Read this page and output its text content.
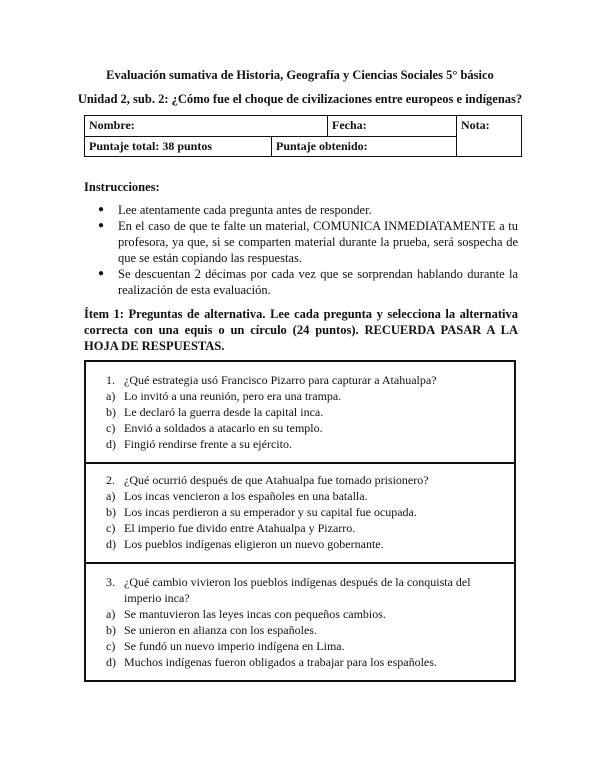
Evaluación sumativa de Historia, Geografía y Ciencias Sociales 5° básico

Unidad 2, sub. 2: ¿Cómo fue el choque de civilizaciones entre europeos e indígenas?

Nombre:		Fecha:	Nota:
Puntaje total: 38 puntos	Puntaje obtenido:		

Instrucciones:

● Lee atentamente cada pregunta antes de responder.
● En el caso de que te falte un material, COMUNICA INMEDIATAMENTE a tu profesora, ya que, si se comparten material durante la prueba, será sospecha de que se están copiando las respuestas.
● Se descuentan 2 décimas por cada vez que se sorprendan hablando durante la realización de esta evaluación.

Ítem 1: Preguntas de alternativa. Lee cada pregunta y selecciona la alternativa correcta con una equis o un círculo (24 puntos). RECUERDA PASAR A LA HOJA DE RESPUESTAS.

1. ¿Qué estrategia usó Francisco Pizarro para capturar a Atahualpa?
a) Lo invitó a una reunión, pero era una trampa.
b) Le declaró la guerra desde la capital inca.
c) Envió a soldados a atacarlo en su templo.
d) Fingió rendirse frente a su ejército.
2. ¿Qué ocurrió después de que Atahualpa fue tomado prisionero?
a) Los incas vencieron a los españoles en una batalla.
b) Los incas perdieron a su emperador y su capital fue ocupada.
c) El imperio fue divido entre Atahualpa y Pizarro.
d) Los pueblos indígenas eligieron un nuevo gobernante.
3. ¿Qué cambio vivieron los pueblos indígenas después de la conquista del imperio inca?
a) Se mantuvieron las leyes incas con pequeños cambios.
b) Se unieron en alianza con los españoles.
c) Se fundó un nuevo imperio indígena en Lima.
d) Muchos indígenas fueron obligados a trabajar para los españoles.
